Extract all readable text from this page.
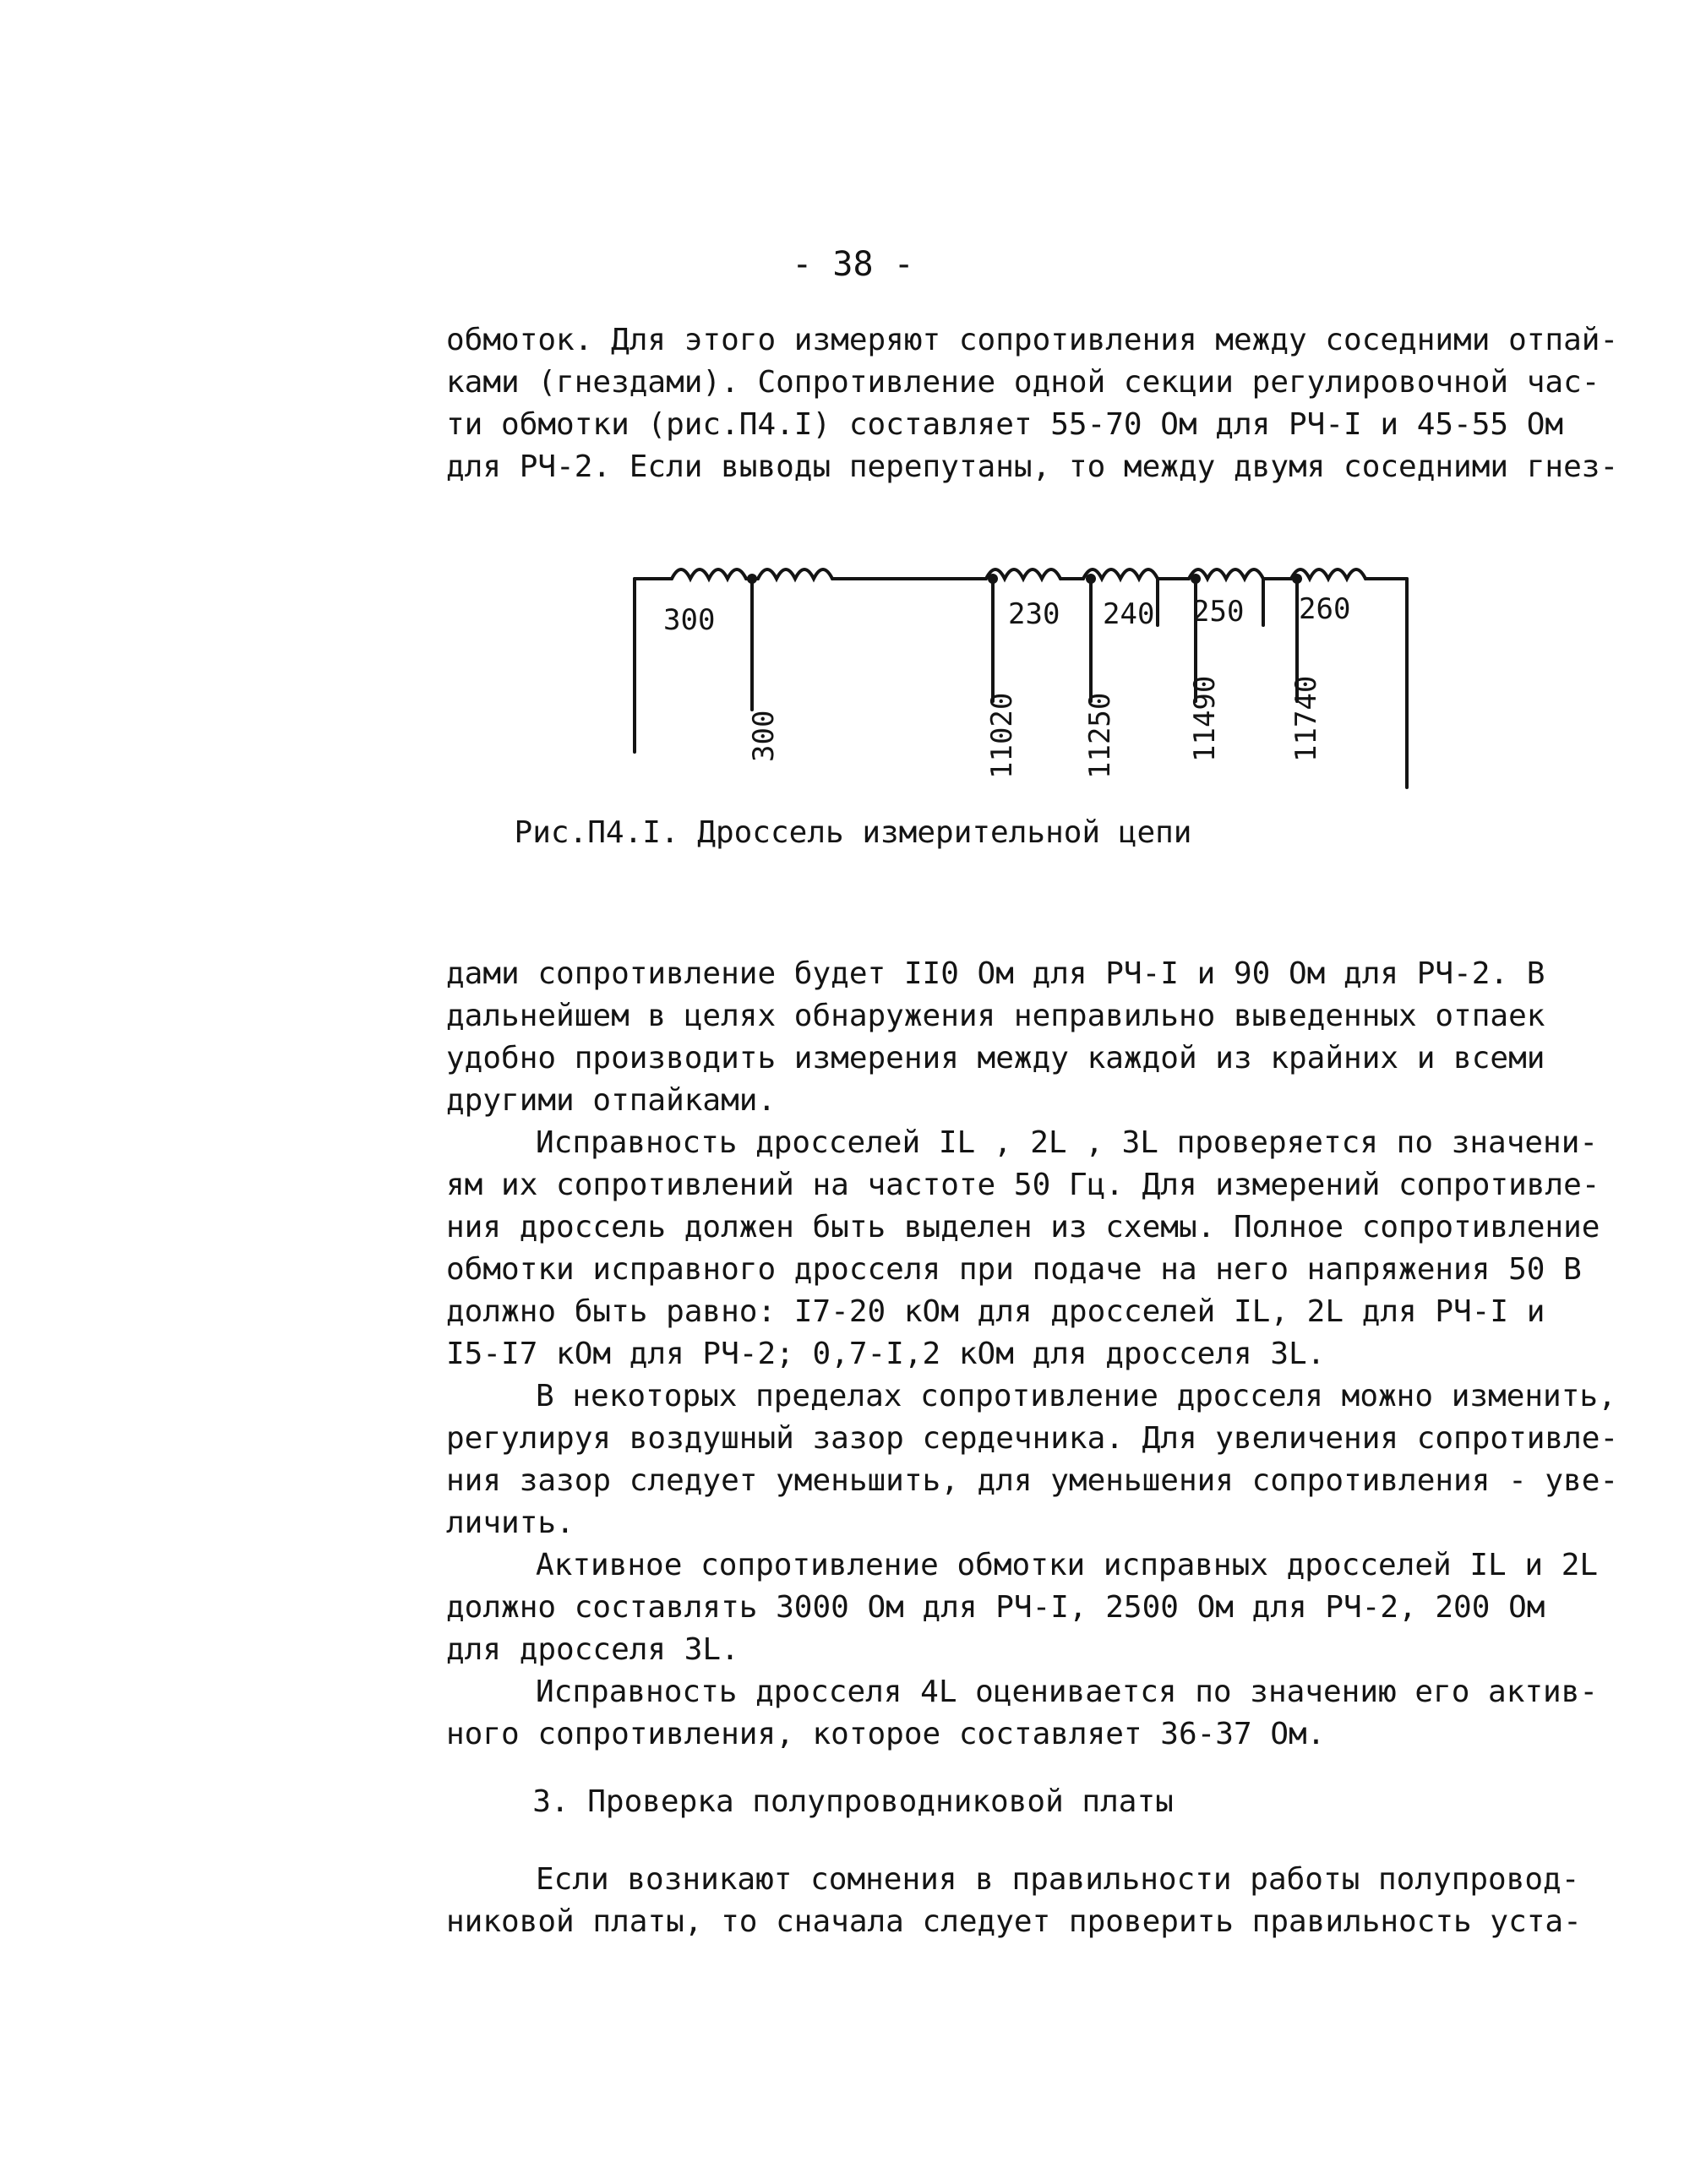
- 38 -
обмоток. Для этого измеряют сопротивления между соседними отпай-
ками (гнездами). Сопротивление одной секции регулировочной час-
ти обмотки (рис.П4.I) составляет 55-70 Ом для РЧ-I и 45-55 Ом
для РЧ-2. Если выводы перепутаны, то между двумя соседними гнез-
300	230 240 250 260
300	11020 11250 11490 11740
Рис.П4.I. Дроссель измерительной цепи
дами сопротивление будет II0 Ом для РЧ-I и 90 Ом для РЧ-2. В
дальнейшем в целях обнаружения неправильно выведенных отпаек
удобно производить измерения между каждой из крайних и всеми
другими отпайками.
Исправность дросселей IL , 2L , 3L проверяется по значени-
ям их сопротивлений на частоте 50 Гц. Для измерений сопротивле-
ния дроссель должен быть выделен из схемы. Полное сопротивление
обмотки исправного дросселя при подаче на него напряжения 50 В
должно быть равно: I7-20 кОм для дросселей IL, 2L для РЧ-I и
I5-I7 кОм для РЧ-2; 0,7-I,2 кОм для дросселя 3L.
В некоторых пределах сопротивление дросселя можно изменить,
регулируя воздушный зазор сердечника. Для увеличения сопротивле-
ния зазор следует уменьшить, для уменьшения сопротивления - уве-
личить.
Активное сопротивление обмотки исправных дросселей IL и 2L
должно составлять 3000 Ом для РЧ-I, 2500 Ом для РЧ-2, 200 Ом
для дросселя 3L.
Исправность дросселя 4L оценивается по значению его актив-
ного сопротивления, которое составляет 36-37 Ом.
3. Проверка полупроводниковой платы
Если возникают сомнения в правильности работы полупровод-
никовой платы, то сначала следует проверить правильность уста-
